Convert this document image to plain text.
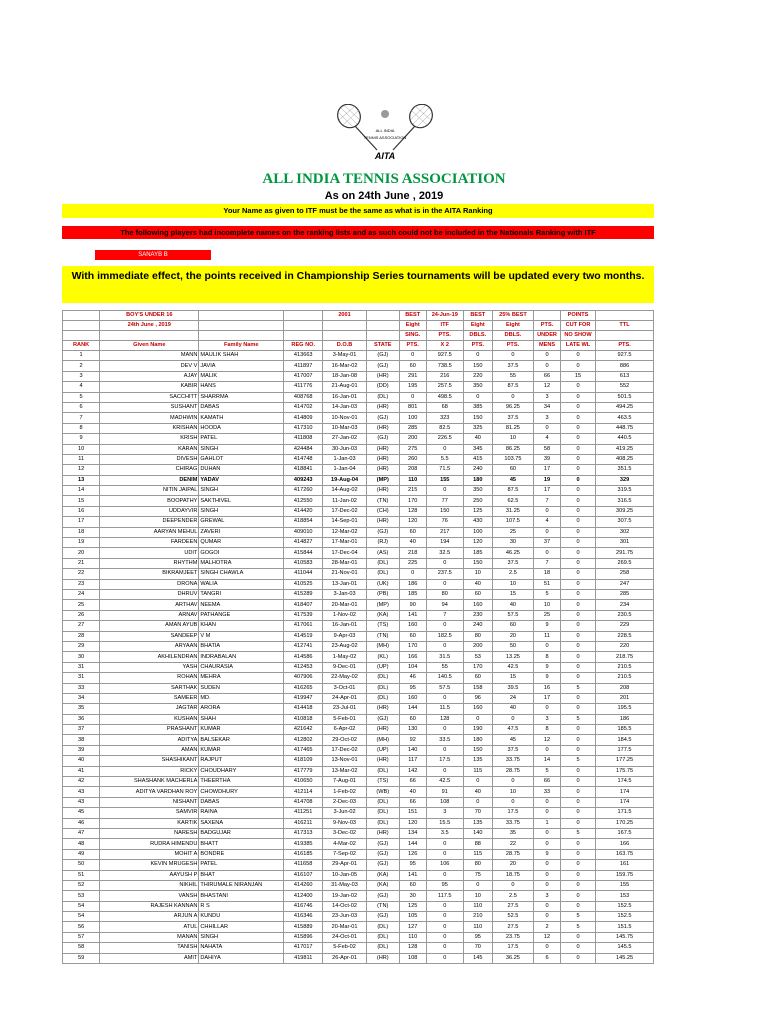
ALL INDIA
TENNIS ASSOCIATION
AITA
ALL INDIA TENNIS ASSOCIATION
As on 24th June , 2019
Your Name as given to ITF must be the same as what is in the AITA Ranking
The following players had incomplete names on the ranking lists and as such could not be included in the Nationals Ranking with ITF
SANAYB B
With immediate effect, the points received in Championship Series tournaments will be updated every two months.
	BOY'S UNDER 16			2001		BEST	24-Jun-19	BEST	25% BEST		POINTS	
	24th June , 2019					Eight	ITF	Eight	Eight	PTS.	CUT FOR	TTL
						SING.	PTS.	DBLS.	DBLS.	UNDER	NO SHOW	
RANK	Given Name	Family Name	REG NO.	D.O.B	STATE	PTS.	X 2	PTS.	PTS.	MENS	LATE WL	PTS.
1	MANN	MAULIK SHAH	413663	3-May-01	(GJ)	0	927.5	0	0	0	0	927.5
2	DEV V	JAVIA	411897	16-Mar-02	(GJ)	60	738.5	150	37.5	0	0	886
3	AJAY	MALIK	417007	18-Jan-08	(HR)	291	216	220	55	66	15	613
4	KABIR	HANS	411776	21-Aug-01	(DD)	195	257.5	350	87.5	12	0	552
5	SACCHITT	SHARRMA	408768	16-Jan-01	(DL)	0	498.5	0	0	3	0	501.5
6	SUSHANT	DABAS	414702	14-Jan-03	(HR)	801	68	385	96.25	34	0	494.25
7	MADHWIN	KAMATH	414809	10-Nov-01	(GJ)	100	323	150	37.5	3	0	463.5
8	KRISHAN	HOODA	417310	10-Mar-03	(HR)	285	82.5	325	81.25	0	0	448.75
9	KRISH	PATEL	411808	27-Jan-02	(GJ)	200	226.5	40	10	4	0	440.5
10	KARAN	SINGH	424484	30-Jun-03	(HR)	275	0	345	86.25	58	0	419.25
11	DIVESH	GAHLOT	414748	1-Jan-03	(HR)	260	5.5	415	103.75	39	0	408.25
12	CHIRAG	DUHAN	418841	1-Jan-04	(HR)	208	71.5	240	60	17	0	351.5
13	DENIM	YADAV	409243	19-Aug-04	(MP)	110	155	180	45	19	0	329
14	NITIN JAIPAL	SINGH	417260	14-Aug-02	(HR)	215	0	350	87.5	17	0	319.5
15	BOOPATHY	SAKTHIVEL	412550	11-Jan-02	(TN)	170	77	250	62.5	7	0	316.5
16	UDDAYVIR	SINGH	414420	17-Dec-02	(CH)	128	150	125	31.25	0	0	309.25
17	DEEPENDER	GREWAL	418854	14-Sep-01	(HR)	120	76	430	107.5	4	0	307.5
18	AARYAN MEHUL	ZAVERI	409010	12-Mar-02	(GJ)	60	217	100	25	0	0	302
19	FARDEEN	QUMAR	414827	17-Mar-01	(RJ)	40	194	120	30	37	0	301
20	UDIT	GOGOI	415844	17-Dec-04	(AS)	218	32.5	185	46.25	0	0	291.75
21	RHYTHM	MALHOTRA	410583	28-Mar-01	(DL)	225	0	150	37.5	7	0	269.5
22	BIKRAMJEET	SINGH CHAWLA	411044	21-Nov-01	(DL)	0	237.5	10	2.5	18	0	258
23	DRONA	WALIA	410525	13-Jan-01	(UK)	186	0	40	10	51	0	247
24	DHRUV	TANGRI	415289	3-Jan-03	(PB)	185	80	60	15	5	0	285
25	ARTHAV	NEEMA	418407	20-Mar-01	(MP)	90	94	160	40	10	0	234
26	ARNAV	PATHANGE	417539	1-Nov-02	(KA)	141	7	230	57.5	25	0	230.5
27	AMAN AYUB	KHAN	417061	16-Jan-01	(TS)	160	0	240	60	9	0	229
28	SANDEEP	V M	414519	9-Apr-03	(TN)	60	182.5	80	20	11	0	228.5
29	ARYAAN	BHATIA	412741	23-Aug-02	(MH)	170	0	200	50	0	0	220
30	AKHILENDRAN	INDRABALAN	414586	1-May-02	(KL)	166	31.5	53	13.25	8	0	218.75
31	YASH	CHAURASIA	412453	9-Dec-01	(UP)	104	55	170	42.5	9	0	210.5
31	ROHAN	MEHRA	407906	22-May-02	(DL)	46	140.5	60	15	9	0	210.5
33	SARTHAK	SUDEN	416265	3-Oct-01	(DL)	95	57.5	158	39.5	16	5	208
34	SAMEER	MD.	419947	24-Apr-01	(DL)	160	0	96	24	17	0	201
35	JAGTAR	ARORA	414418	23-Jul-01	(HR)	144	11.5	160	40	0	0	195.5
36	KUSHAN	SHAH	410818	5-Feb-01	(GJ)	60	128	0	0	3	5	186
37	PRASHANT	KUMAR	421642	6-Apr-02	(HR)	130	0	190	47.5	8	0	185.5
38	ADITYA	BALSEKAR	412802	29-Oct-02	(MH)	92	33.5	180	45	12	0	184.5
39	AMAN	KUMAR	417465	17-Dec-02	(UP)	140	0	150	37.5	0	0	177.5
40	SHASHIKANT	RAJPUT	418109	13-Nov-01	(HR)	117	17.5	135	33.75	14	5	177.25
41	RICKY	CHOUDHARY	417779	13-Mar-02	(DL)	142	0	115	28.75	5	0	175.75
42	SHASHANK MACHERLA	THEERTHA	410650	7-Aug-01	(TS)	66	42.5	0	0	66	0	174.5
43	ADITYA VARDHAN ROY	CHOWDHURY	412114	1-Feb-02	(WB)	40	91	40	10	33	0	174
43	NISHANT	DABAS	414708	2-Dec-03	(DL)	66	108	0	0	0	0	174
45	SAMVIR	RAINA	411251	3-Jun-02	(DL)	151	3	70	17.5	0	0	171.5
46	KARTIK	SAXENA	416211	9-Nov-03	(DL)	120	15.5	135	33.75	1	0	170.25
47	NARESH	BADGUJAR	417313	3-Dec-02	(HR)	134	3.5	140	35	0	5	167.5
48	RUDRA HIMENDU	BHATT	419385	4-Mar-02	(GJ)	144	0	88	22	0	0	166
49	MOHIT A	BONDRE	416185	7-Sep-02	(GJ)	126	0	115	28.75	9	0	163.75
50	KEVIN MRUGESH	PATEL	411658	29-Apr-01	(GJ)	95	106	80	20	0	0	161
51	AAYUSH P	BHAT	416107	10-Jan-05	(KA)	141	0	75	18.75	0	0	159.75
52	NIKHIL	THIRUMALE NIRANJAN	414260	31-May-03	(KA)	60	95	0	0	0	0	155
53	VANSH	BHASTANI	412400	19-Jan-02	(GJ)	30	117.5	10	2.5	3	0	153
54	RAJESH KANNAN	R S	416746	14-Oct-02	(TN)	125	0	110	27.5	0	0	152.5
54	ARJUN A	KUNDU	416346	23-Jun-03	(GJ)	105	0	210	52.5	0	5	152.5
56	ATUL	CHHILLAR	415889	20-Mar-01	(DL)	127	0	110	27.5	2	5	151.5
57	MANAN	SINGH	415896	24-Oct-01	(DL)	110	0	95	23.75	12	0	145.75
58	TANISH	NAHATA	417017	5-Feb-02	(DL)	128	0	70	17.5	0	0	145.5
59	AMIT	DAHIYA	419811	26-Apr-01	(HR)	108	0	145	36.25	6	0	145.25
